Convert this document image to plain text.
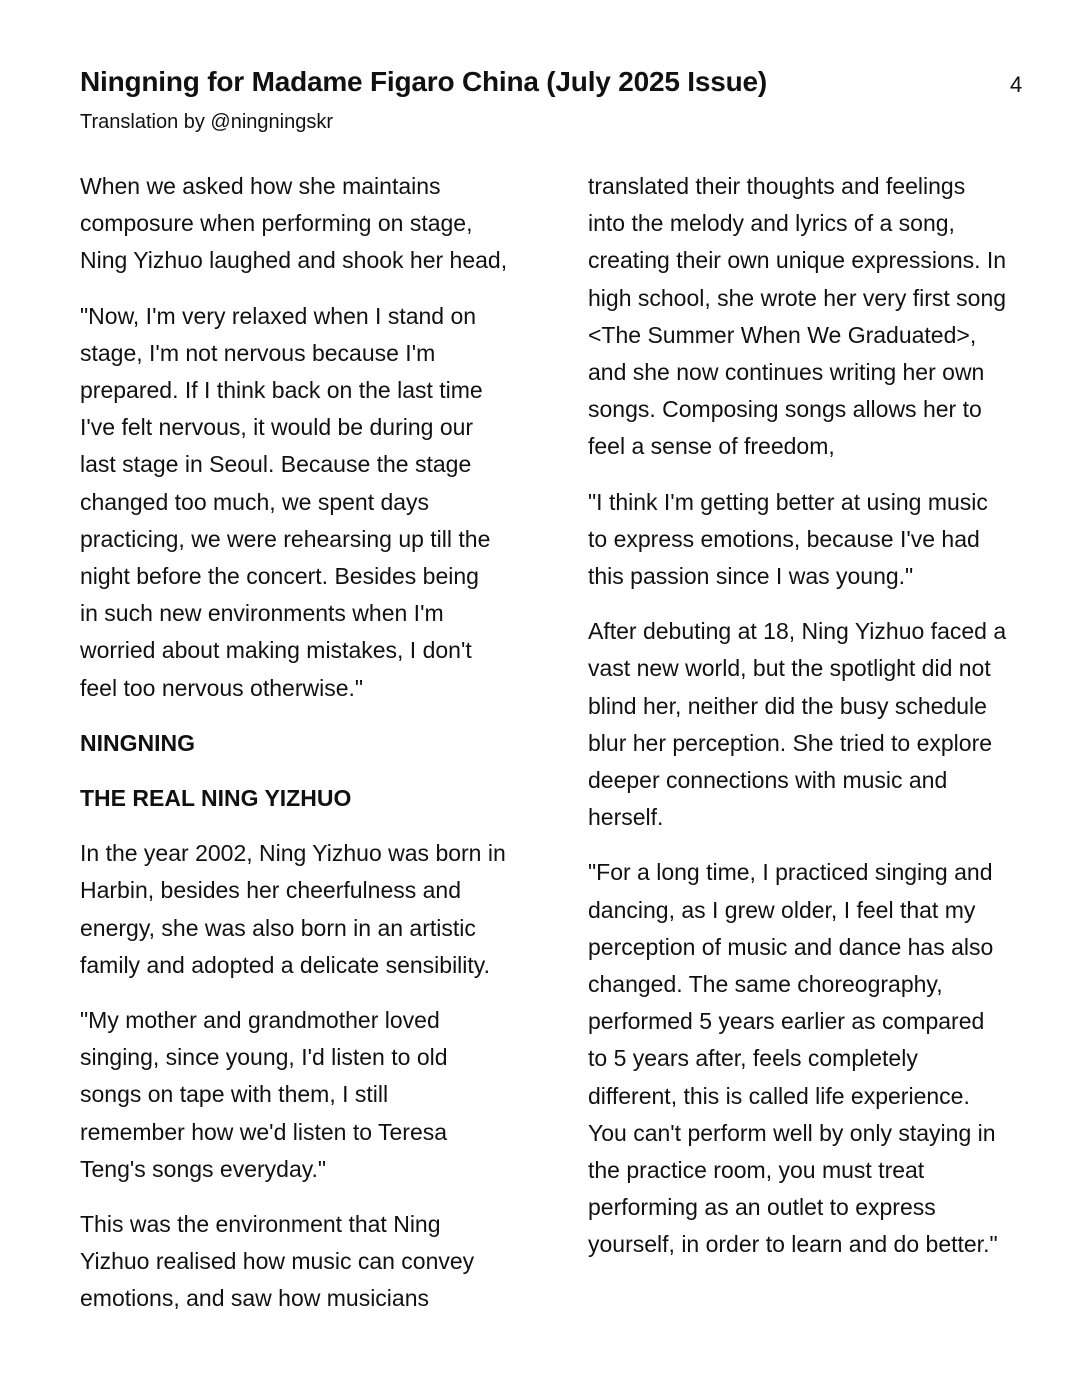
Ningning for Madame Figaro China (July 2025 Issue)	4
Translation by @ningningskr

When we asked how she maintains
composure when performing on stage,
Ning Yizhuo laughed and shook her head,

"Now, I'm very relaxed when I stand on
stage, I'm not nervous because I'm
prepared. If I think back on the last time
I've felt nervous, it would be during our
last stage in Seoul. Because the stage
changed too much, we spent days
practicing, we were rehearsing up till the
night before the concert. Besides being
in such new environments when I'm
worried about making mistakes, I don't
feel too nervous otherwise."

NINGNING

THE REAL NING YIZHUO

In the year 2002, Ning Yizhuo was born in
Harbin, besides her cheerfulness and
energy, she was also born in an artistic
family and adopted a delicate sensibility.

"My mother and grandmother loved
singing, since young, I'd listen to old
songs on tape with them, I still
remember how we'd listen to Teresa
Teng's songs everyday."

This was the environment that Ning
Yizhuo realised how music can convey
emotions, and saw how musicians

translated their thoughts and feelings
into the melody and lyrics of a song,
creating their own unique expressions. In
high school, she wrote her very first song
<The Summer When We Graduated>,
and she now continues writing her own
songs. Composing songs allows her to
feel a sense of freedom,

"I think I'm getting better at using music
to express emotions, because I've had
this passion since I was young."

After debuting at 18, Ning Yizhuo faced a
vast new world, but the spotlight did not
blind her, neither did the busy schedule
blur her perception. She tried to explore
deeper connections with music and
herself.

"For a long time, I practiced singing and
dancing, as I grew older, I feel that my
perception of music and dance has also
changed. The same choreography,
performed 5 years earlier as compared
to 5 years after, feels completely
different, this is called life experience.
You can't perform well by only staying in
the practice room, you must treat
performing as an outlet to express
yourself, in order to learn and do better."
